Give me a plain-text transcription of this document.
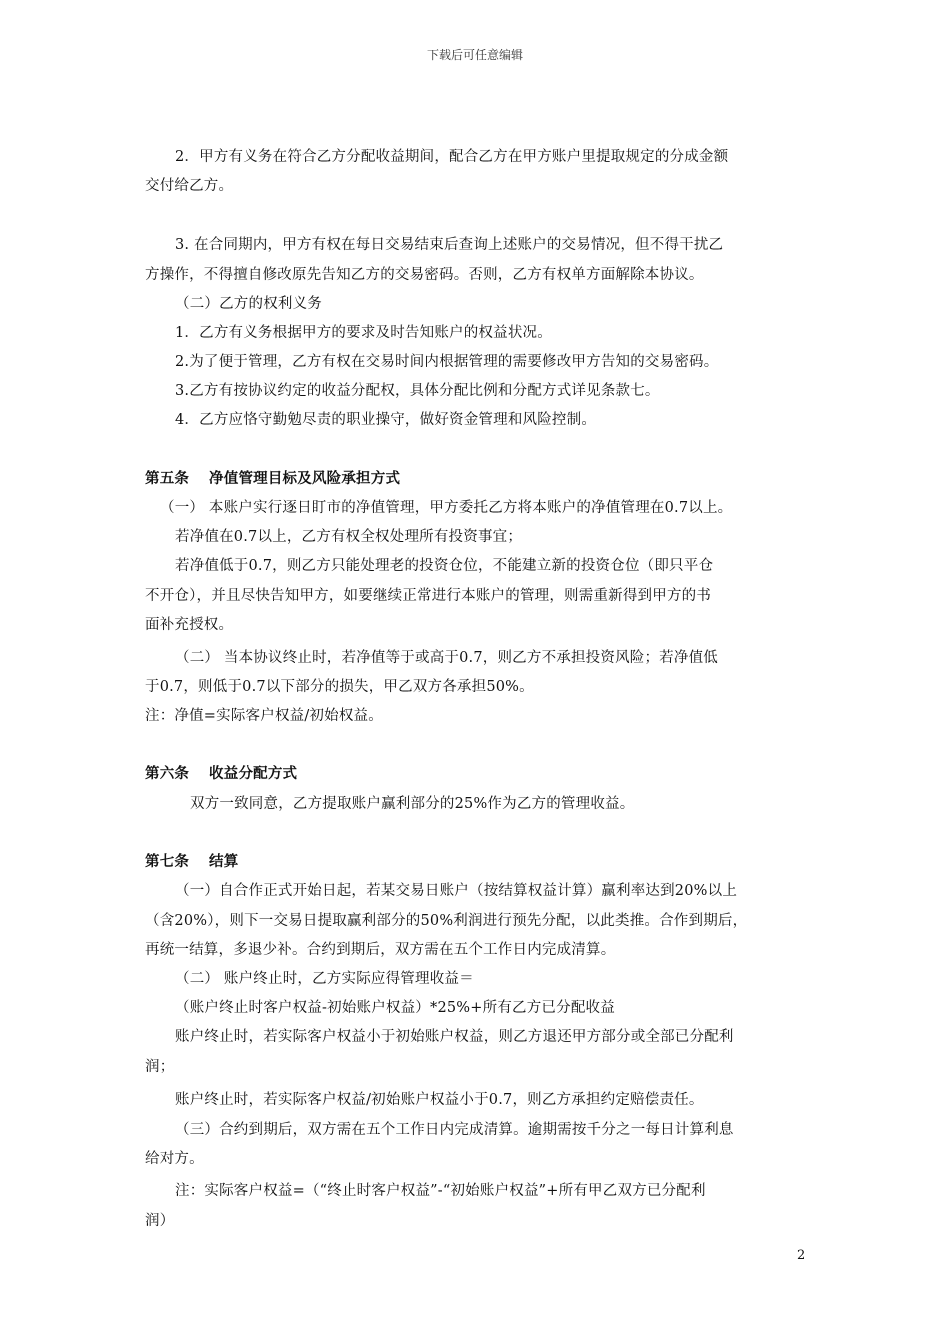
下载后可任意编辑
2．甲方有义务在符合乙方分配收益期间，配合乙方在甲方账户里提取规定的分成金额
交付给乙方。
3. 在合同期内，甲方有权在每日交易结束后查询上述账户的交易情况，但不得干扰乙
方操作，不得擅自修改原先告知乙方的交易密码。否则，乙方有权单方面解除本协议。
（二）乙方的权利义务
1．乙方有义务根据甲方的要求及时告知账户的权益状况。
2.为了便于管理，乙方有权在交易时间内根据管理的需要修改甲方告知的交易密码。
3.乙方有按协议约定的收益分配权，具体分配比例和分配方式详见条款七。
4．乙方应恪守勤勉尽责的职业操守，做好资金管理和风险控制。
第五条　 净值管理目标及风险承担方式
（一） 本账户实行逐日盯市的净值管理，甲方委托乙方将本账户的净值管理在0.7以上。
若净值在0.7以上，乙方有权全权处理所有投资事宜；
若净值低于0.7，则乙方只能处理老的投资仓位，不能建立新的投资仓位（即只平仓
不开仓），并且尽快告知甲方，如要继续正常进行本账户的管理，则需重新得到甲方的书
面补充授权。
（二） 当本协议终止时，若净值等于或高于0.7，则乙方不承担投资风险；若净值低
于0.7，则低于0.7以下部分的损失，甲乙双方各承担50%。
注：净值=实际客户权益/初始权益。
第六条　 收益分配方式
双方一致同意，乙方提取账户赢利部分的25%作为乙方的管理收益。
第七条　 结算
（一）自合作正式开始日起，若某交易日账户（按结算权益计算）赢利率达到20%以上
（含20%），则下一交易日提取赢利部分的50%利润进行预先分配，以此类推。合作到期后，
再统一结算，多退少补。合约到期后，双方需在五个工作日内完成清算。
（二） 账户终止时，乙方实际应得管理收益＝
（账户终止时客户权益-初始账户权益）*25%+所有乙方已分配收益
账户终止时，若实际客户权益小于初始账户权益，则乙方退还甲方部分或全部已分配利
润；
账户终止时，若实际客户权益/初始账户权益小于0.7，则乙方承担约定赔偿责任。
（三）合约到期后，双方需在五个工作日内完成清算。逾期需按千分之一每日计算利息
给对方。
注：实际客户权益=（“终止时客户权益”-“初始账户权益”+所有甲乙双方已分配利
润）
2
